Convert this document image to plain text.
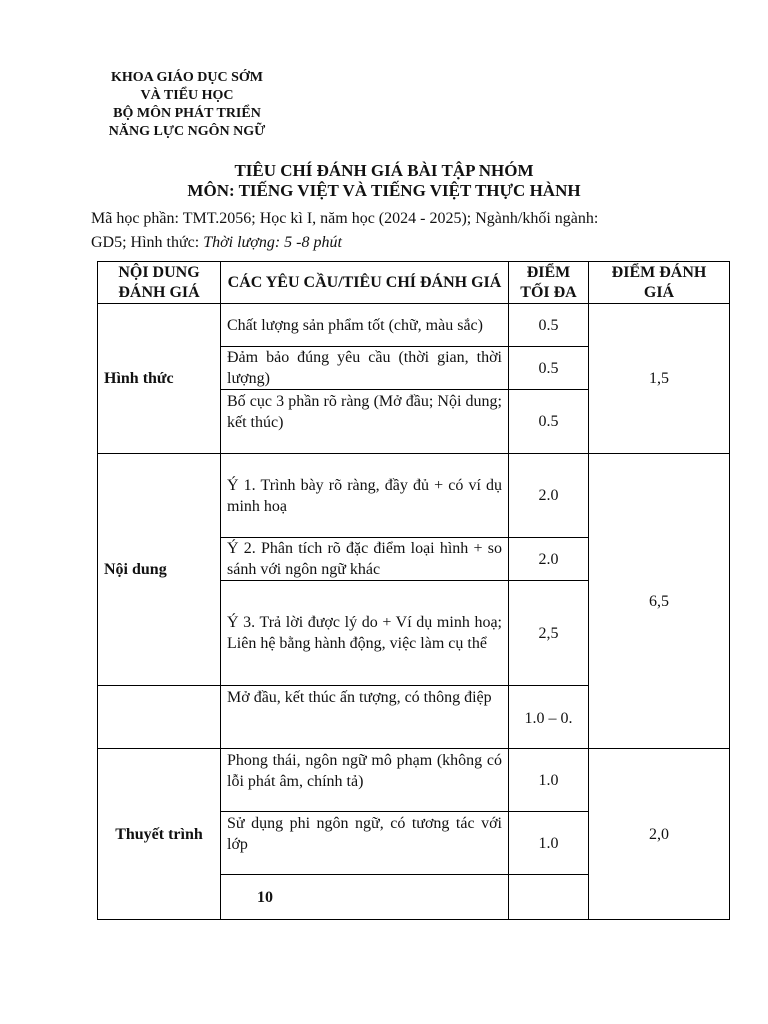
KHOA GIÁO DỤC SỚM
VÀ TIỂU HỌC
BỘ MÔN PHÁT TRIỂN
NĂNG LỰC NGÔN NGỮ
TIÊU CHÍ ĐÁNH GIÁ BÀI TẬP NHÓM
MÔN: TIẾNG VIỆT VÀ TIẾNG VIỆT THỰC HÀNH
Mã học phần: TMT.2056; Học kì I, năm học (2024 - 2025); Ngành/khối ngành:
GD5; Hình thức: Thời lượng: 5 -8 phút
NỘI DUNG ĐÁNH GIÁ	CÁC YÊU CẦU/TIÊU CHÍ ĐÁNH GIÁ	ĐIỂM TỐI ĐA	ĐIỂM ĐÁNH GIÁ
Hình thức	Chất lượng sản phẩm tốt (chữ, màu sắc)	0.5	1,5
	Đảm bảo đúng yêu cầu (thời gian, thời lượng)	0.5	
	Bố cục 3 phần rõ ràng (Mở đầu; Nội dung; kết thúc)	0.5	
Nội dung	Ý 1. Trình bày rõ ràng, đầy đủ + có ví dụ minh hoạ	2.0	6,5
	Ý 2. Phân tích rõ đặc điểm loại hình + so sánh với ngôn ngữ khác	2.0	
	Ý 3. Trả lời được lý do + Ví dụ minh hoạ; Liên hệ bằng hành động, việc làm cụ thể	2,5	
	Mở đầu, kết thúc ấn tượng, có thông điệp	1.0 – 0.	
Thuyết trình	Phong thái, ngôn ngữ mô phạm (không có lỗi phát âm, chính tả)	1.0	2,0
	Sử dụng phi ngôn ngữ, có tương tác với lớp	1.0	
	10		
